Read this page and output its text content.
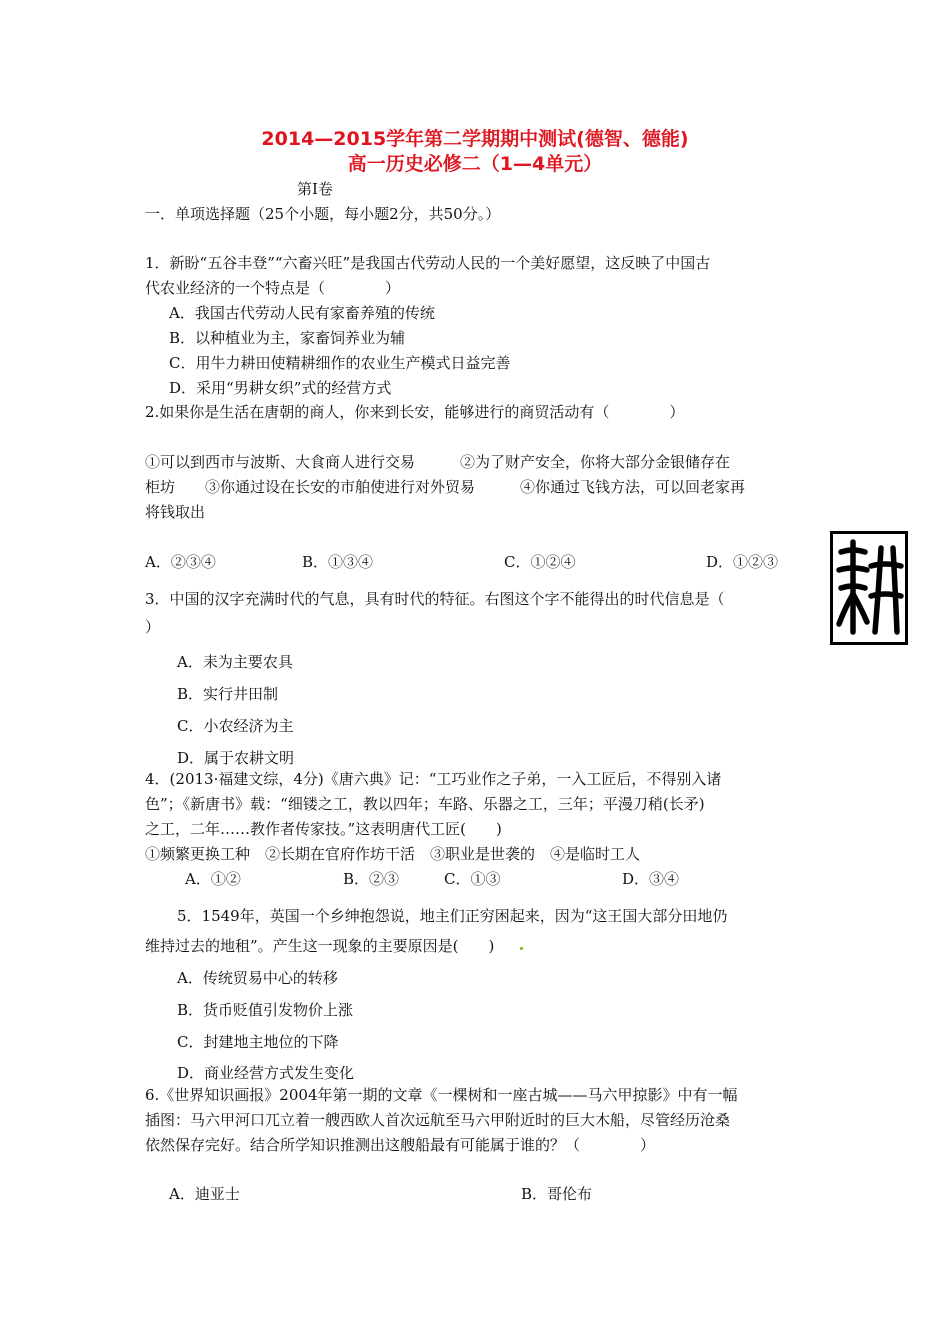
2014—2015学年第二学期期中测试(德智、德能)
高一历史必修二（1—4单元）
第Ⅰ卷
一．单项选择题（25个小题，每小题2分，共50分。）
1．新盼“五谷丰登”“六畜兴旺”是我国古代劳动人民的一个美好愿望，这反映了中国古
代农业经济的一个特点是（　　　　）
A．我国古代劳动人民有家畜养殖的传统
B．以种植业为主，家畜饲养业为辅
C．用牛力耕田使精耕细作的农业生产模式日益完善
D．采用“男耕女织”式的经营方式
2.如果你是生活在唐朝的商人，你来到长安，能够进行的商贸活动有（　　　　）
①可以到西市与波斯、大食商人进行交易　　　②为了财产安全，你将大部分金银储存在
柜坊　　③你通过设在长安的市舶使进行对外贸易　　　④你通过飞钱方法，可以回老家再
将钱取出
A．②③④	B．①③④	C．①②④	D．①②③
3．中国的汉字充满时代的气息，具有时代的特征。右图这个字不能得出的时代信息是（
）
A．耒为主要农具
B．实行井田制
C．小农经济为主
D．属于农耕文明
4．(2013·福建文综，4分)《唐六典》记：“工巧业作之子弟，一入工匠后，不得别入诸
色”；《新唐书》载：“细镂之工，教以四年；车路、乐器之工，三年；平漫刀稍(长矛)
之工，二年……教作者传家技。”这表明唐代工匠(　　)
①频繁更换工种　②长期在官府作坊干活　③职业是世袭的　④是临时工人
A．①②	B．②③	C．①③	D．③④
5．1549年，英国一个乡绅抱怨说，地主们正穷困起来，因为“这王国大部分田地仍
维持过去的地租”。产生这一现象的主要原因是(　　)
A．传统贸易中心的转移
B．货币贬值引发物价上涨
C．封建地主地位的下降
D．商业经营方式发生变化
6.《世界知识画报》2004年第一期的文章《一棵树和一座古城——马六甲掠影》中有一幅
插图：马六甲河口兀立着一艘西欧人首次远航至马六甲附近时的巨大木船，尽管经历沧桑
依然保存完好。结合所学知识推测出这艘船最有可能属于谁的？（　　　　）
A．迪亚士	B．哥伦布
